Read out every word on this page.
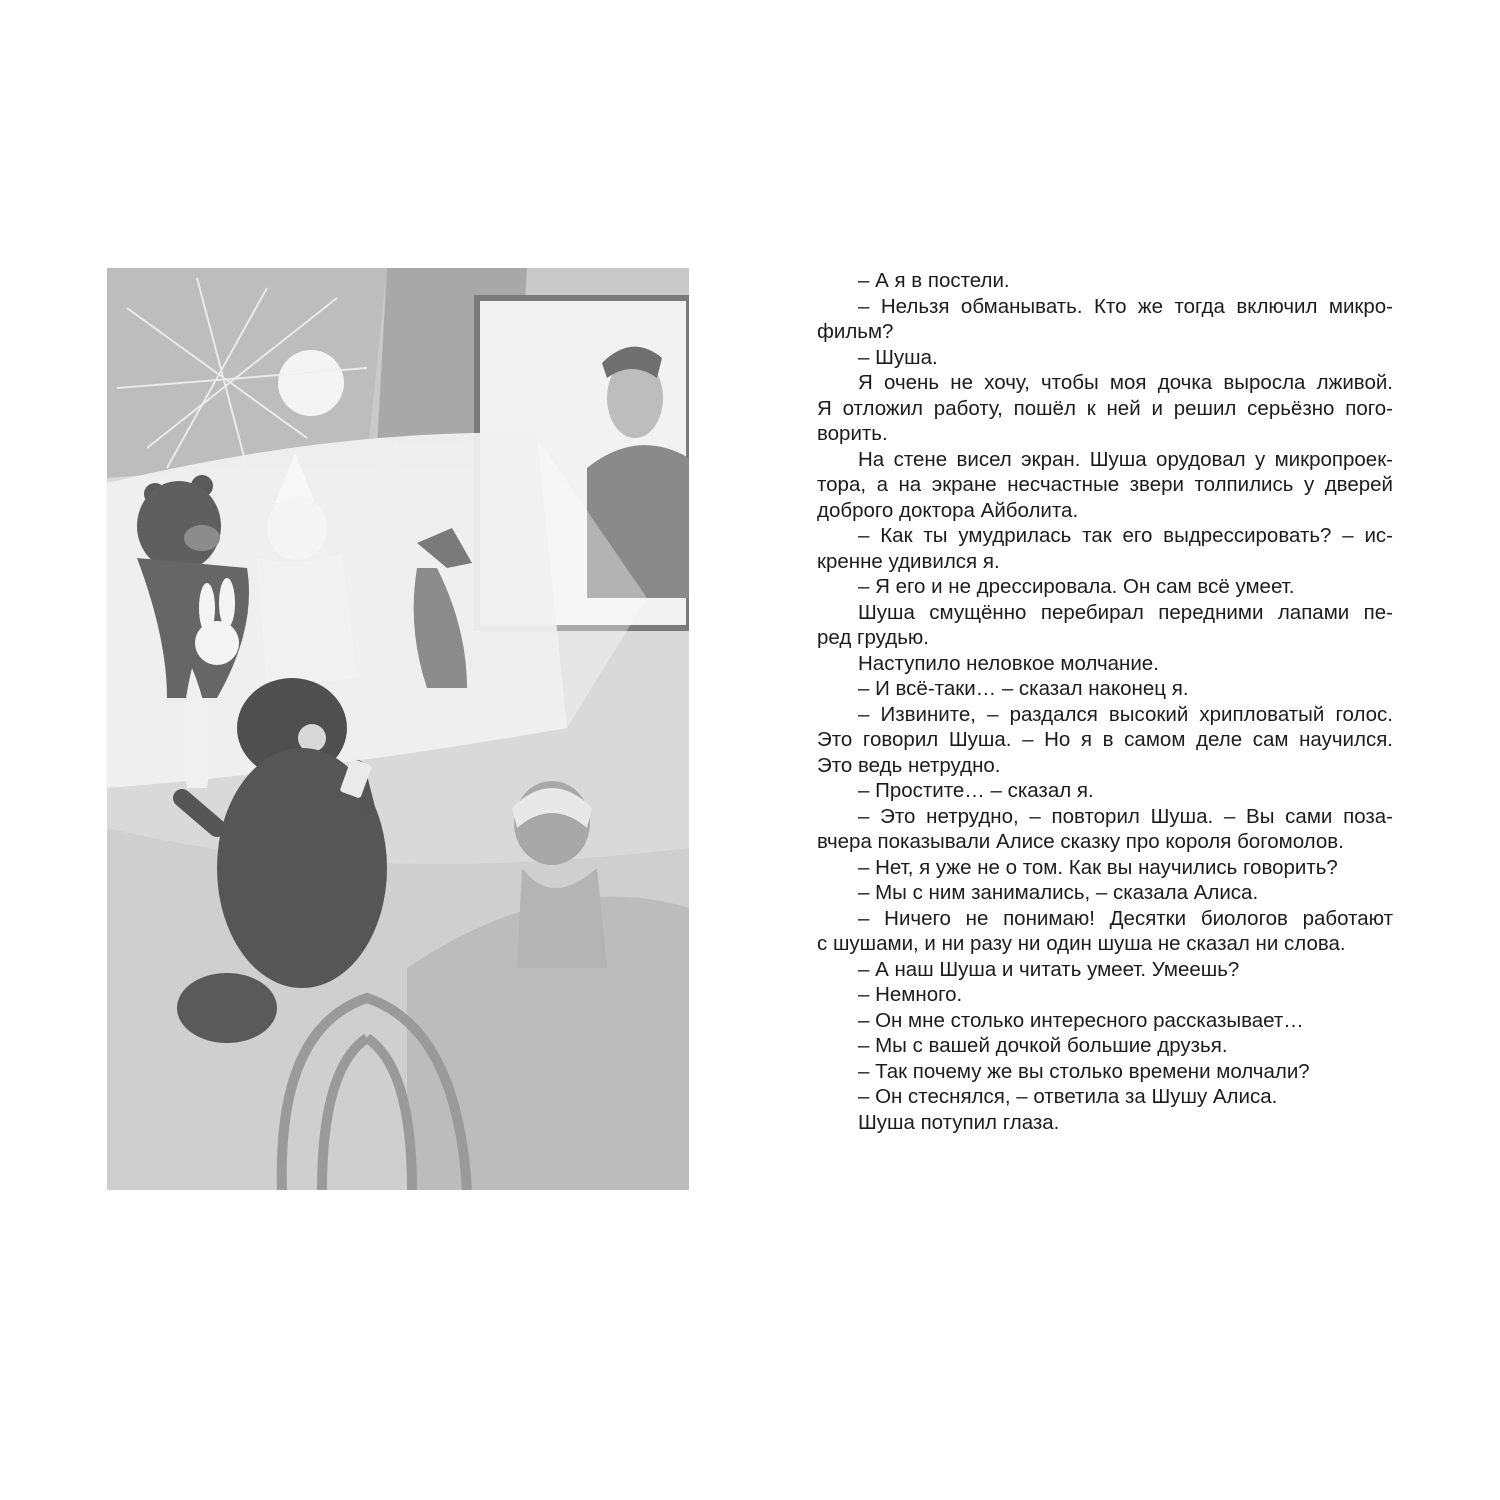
– А я в постели.
– Нельзя обманывать. Кто же тогда включил микро-
фильм?
– Шуша.
Я очень не хочу, чтобы моя дочка выросла лживой.
Я отложил работу, пошёл к ней и решил серьёзно пого-
ворить.
На стене висел экран. Шуша орудовал у микропроек-
тора, а на экране несчастные звери толпились у дверей
доброго доктора Айболита.
– Как ты умудрилась так его выдрессировать? – ис-
кренне удивился я.
– Я его и не дрессировала. Он сам всё умеет.
Шуша смущённо перебирал передними лапами пе-
ред грудью.
Наступило неловкое молчание.
– И всё-таки… – сказал наконец я.
– Извините, – раздался высокий хрипловатый голос.
Это говорил Шуша. – Но я в самом деле сам научился.
Это ведь нетрудно.
– Простите… – сказал я.
– Это нетрудно, – повторил Шуша. – Вы сами поза-
вчера показывали Алисе сказку про короля богомолов.
– Нет, я уже не о том. Как вы научились говорить?
– Мы с ним занимались, – сказала Алиса.
– Ничего не понимаю! Десятки биологов работают
с шушами, и ни разу ни один шуша не сказал ни слова.
– А наш Шуша и читать умеет. Умеешь?
– Немного.
– Он мне столько интересного рассказывает…
– Мы с вашей дочкой большие друзья.
– Так почему же вы столько времени молчали?
– Он стеснялся, – ответила за Шушу Алиса.
Шуша потупил глаза.
